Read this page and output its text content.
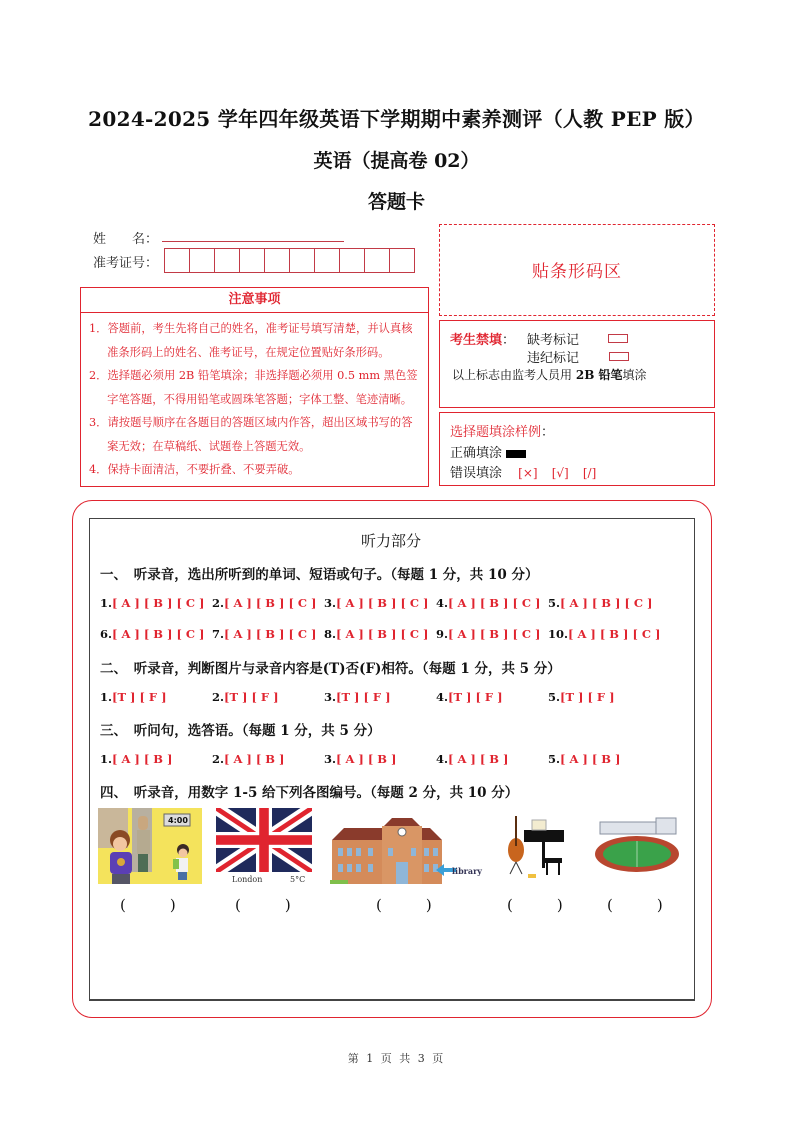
2024-2025 学年四年级英语下学期期中素养测评（人教 PEP 版）
英语（提高卷 02）
答题卡
姓　　名：
准考证号：
注意事项
1．答题前，考生先将自己的姓名，准考证号填写清楚，并认真核准条形码上的姓名、准考证号，在规定位置贴好条形码。
2．选择题必须用 2B 铅笔填涂；非选择题必须用 0.5 mm 黑色签字笔答题，不得用铅笔或圆珠笔答题；字体工整、笔迹清晰。
3．请按题号顺序在各题目的答题区域内作答，超出区域书写的答案无效；在草稿纸、试题卷上答题无效。
4．保持卡面清洁，不要折叠、不要弄破。
贴条形码区
考生禁填： 缺考标记
违纪标记
以上标志由监考人员用 2B 铅笔填涂
选择题填涂样例：
正确填涂
错误填涂 [×] [√] [/]
听力部分
一、　听录音，选出所听到的单词、短语或句子。（每题 1 分，共 10 分）
1.[ A ] [ B ] [ C ] 2.[ A ] [ B ] [ C ] 3.[ A ] [ B ] [ C ] 4.[ A ] [ B ] [ C ] 5.[ A ] [ B ] [ C ]
6.[ A ] [ B ] [ C ] 7.[ A ] [ B ] [ C ] 8.[ A ] [ B ] [ C ] 9.[ A ] [ B ] [ C ] 10.[ A ] [ B ] [ C ]
二、　听录音，判断图片与录音内容是(T)否(F)相符。（每题 1 分，共 5 分）
1.[T ] [ F ]	2.[T ] [ F ]	3.[T ] [ F ]	4.[T ] [ F ]	5.[T ] [ F ]
三、　听问句，选答语。（每题 1 分，共 5 分）
1.[ A ] [ B ]	2.[ A ] [ B ]	3.[ A ] [ B ]	4.[ A ] [ B ]	5.[ A ] [ B ]
四、　听录音，用数字 1-5 给下列各图编号。（每题 2 分，共 10 分）
4:00
London	5°C
library
(	)	(	)	(	)	(	)	(	)
第 1 页 共 3 页
